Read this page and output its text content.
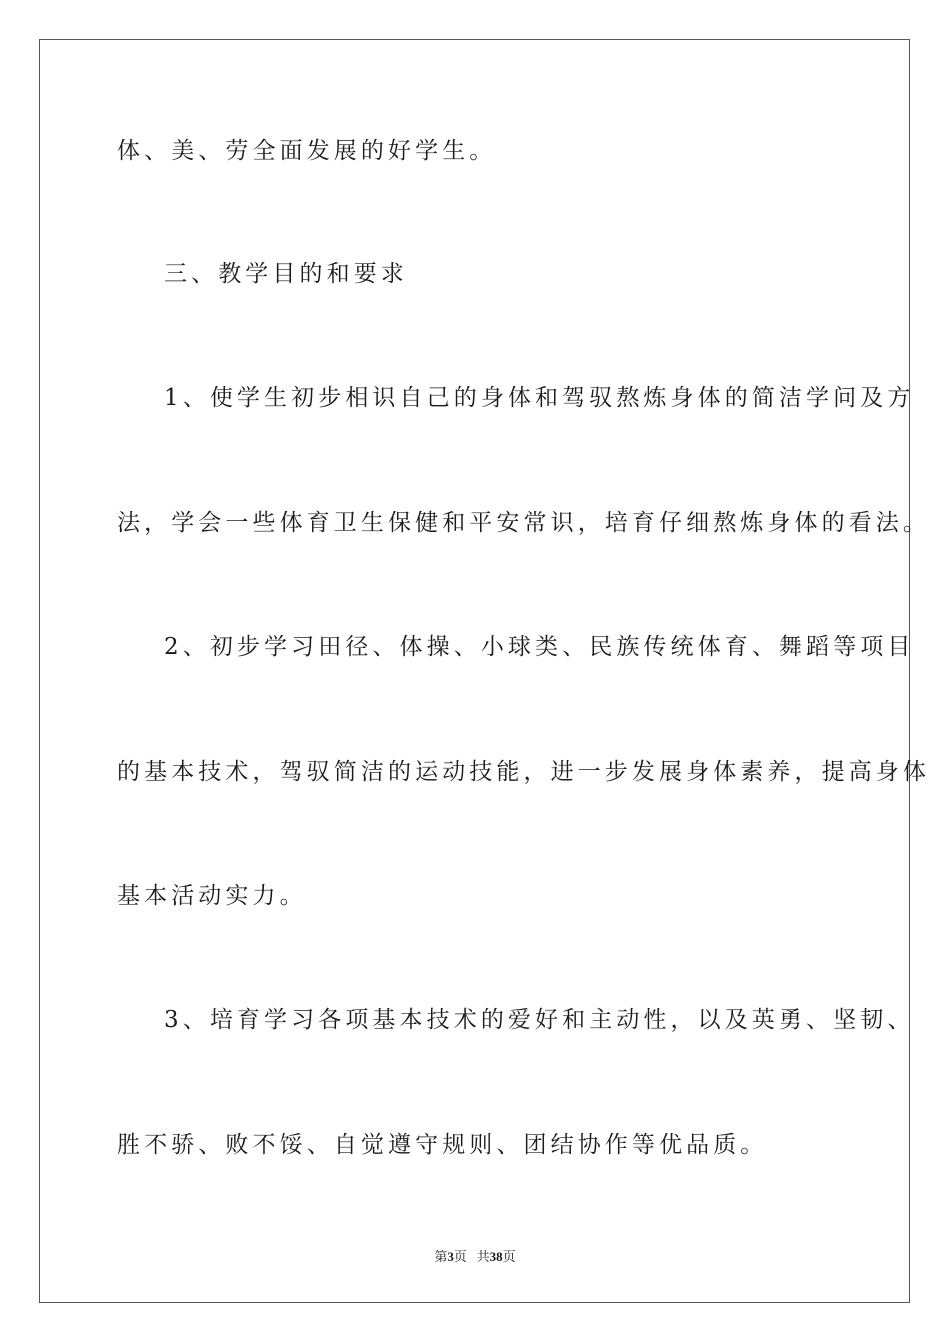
体、美、劳全面发展的好学生。
三、教学目的和要求
1、使学生初步相识自己的身体和驾驭熬炼身体的简洁学问及方
法，学会一些体育卫生保健和平安常识，培育仔细熬炼身体的看法。
2、初步学习田径、体操、小球类、民族传统体育、舞蹈等项目
的基本技术，驾驭简洁的运动技能，进一步发展身体素养，提高身体
基本活动实力。
3、培育学习各项基本技术的爱好和主动性，以及英勇、坚韧、
胜不骄、败不馁、自觉遵守规则、团结协作等优品质。
第3页 共38页
